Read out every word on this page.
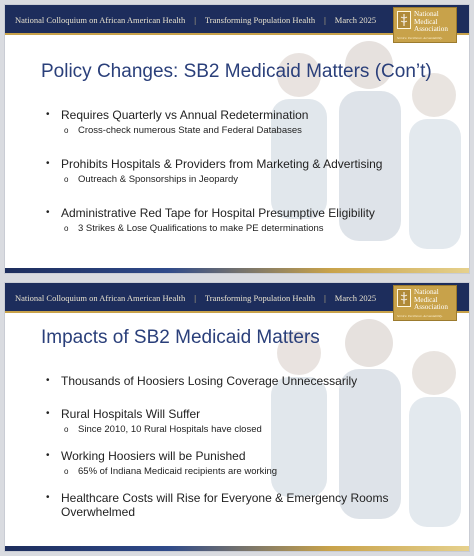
National Colloquium on African American Health | Transforming Population Health | March 2025
National
Medical
Association
Service. Excellence. Accountability.
Policy Changes: SB2 Medicaid Matters (Con’t)
• Requires Quarterly vs Annual Redetermination
o Cross-check numerous State and Federal Databases
• Prohibits Hospitals & Providers from Marketing & Advertising
o Outreach & Sponsorships in Jeopardy
• Administrative Red Tape for Hospital Presumptive Eligibility
o 3 Strikes & Lose Qualifications to make PE determinations
National Colloquium on African American Health | Transforming Population Health | March 2025
National
Medical
Association
Service. Excellence. Accountability.
Impacts of SB2 Medicaid Matters
• Thousands of Hoosiers Losing Coverage Unnecessarily
• Rural Hospitals Will Suffer
o Since 2010, 10 Rural Hospitals have closed
• Working Hoosiers will be Punished
o 65% of Indiana Medicaid recipients are working
• Healthcare Costs will Rise for Everyone & Emergency Rooms Overwhelmed
